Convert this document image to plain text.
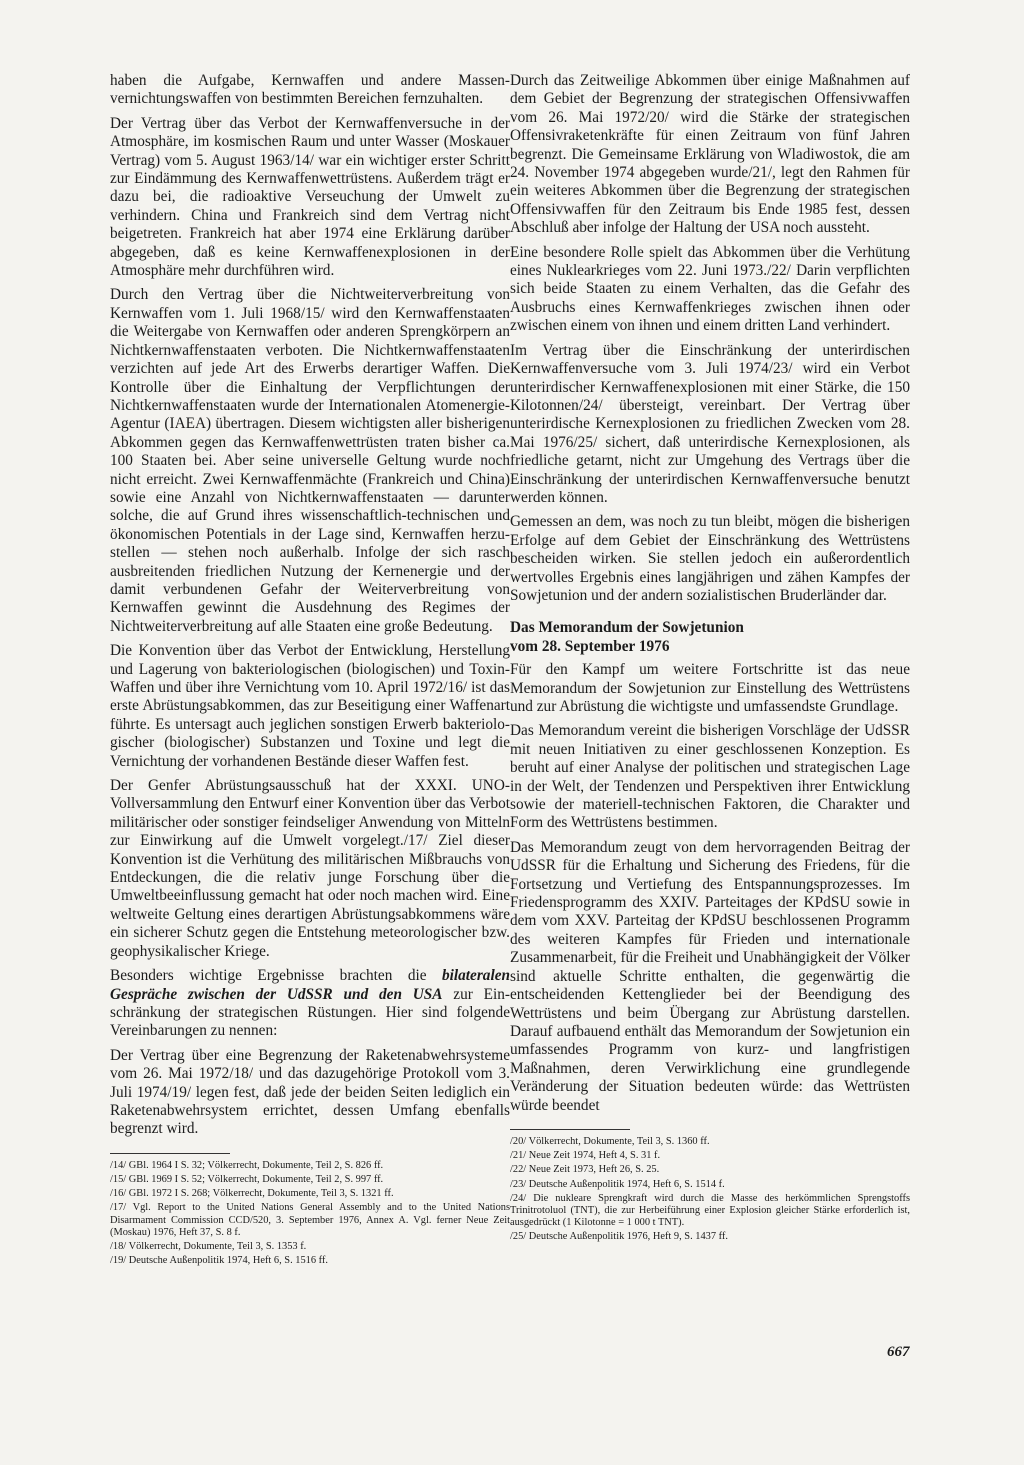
haben die Aufgabe, Kernwaffen und andere Massenvernichtungswaffen von bestimmten Bereichen fernzuhalten.

Der Vertrag über das Verbot der Kernwaffenversuche in der Atmosphäre, im kosmischen Raum und unter Wasser (Moskauer Vertrag) vom 5. August 1963/14/ war ein wichtiger erster Schritt zur Eindämmung des Kernwaffenwettrüstens. Außerdem trägt er dazu bei, die radioaktive Verseuchung der Umwelt zu verhindern. China und Frankreich sind dem Vertrag nicht beigetreten. Frankreich hat aber 1974 eine Erklärung darüber abgegeben, daß es keine Kernwaffenexplosionen in der Atmosphäre mehr durchführen wird.

Durch den Vertrag über die Nichtweiterverbreitung von Kernwaffen vom 1. Juli 1968/15/ wird den Kernwaffenstaaten die Weitergabe von Kernwaffen oder anderen Sprengkörpern an Nichtkernwaffenstaaten verboten. Die Nichtkernwaffenstaaten verzichten auf jede Art des Erwerbs derartiger Waffen. Die Kontrolle über die Einhaltung der Verpflichtungen der Nichtkernwaffenstaaten wurde der Internationalen Atomenergie-Agentur (IAEA) übertragen. Diesem wichtigsten aller bisherigen Abkommen gegen das Kernwaffenwettrüsten traten bisher ca. 100 Staaten bei. Aber seine universelle Geltung wurde noch nicht erreicht. Zwei Kernwaffenmächte (Frankreich und China) sowie eine Anzahl von Nichtkernwaffenstaaten — darunter solche, die auf Grund ihres wissenschaftlich-technischen und ökonomischen Potentials in der Lage sind, Kernwaffen herzustellen — stehen noch außerhalb. Infolge der sich rasch ausbreitenden friedlichen Nutzung der Kernenergie und der damit verbundenen Gefahr der Weiterverbreitung von Kernwaffen gewinnt die Ausdehnung des Regimes der Nichtweiterverbreitung auf alle Staaten eine große Bedeutung.

Die Konvention über das Verbot der Entwicklung, Herstellung und Lagerung von bakteriologischen (biologischen) und Toxin-Waffen und über ihre Vernichtung vom 10. April 1972/16/ ist das erste Abrüstungsabkommen, das zur Beseitigung einer Waffenart führte. Es untersagt auch jeglichen sonstigen Erwerb bakteriologischer (biologischer) Substanzen und Toxine und legt die Vernichtung der vorhandenen Bestände dieser Waffen fest.

Der Genfer Abrüstungsausschuß hat der XXXI. UNO-Vollversammlung den Entwurf einer Konvention über das Verbot militärischer oder sonstiger feindseliger Anwendung von Mitteln zur Einwirkung auf die Umwelt vorgelegt./17/ Ziel dieser Konvention ist die Verhütung des militärischen Mißbrauchs von Entdeckungen, die die relativ junge Forschung über die Umweltbeeinflussung gemacht hat oder noch machen wird. Eine weltweite Geltung eines derartigen Abrüstungsabkommens wäre ein sicherer Schutz gegen die Entstehung meteorologischer bzw. geophysikalischer Kriege.

Besonders wichtige Ergebnisse brachten die bilateralen Gespräche zwischen der UdSSR und den USA zur Einschränkung der strategischen Rüstungen. Hier sind folgende Vereinbarungen zu nennen:

Der Vertrag über eine Begrenzung der Raketenabwehrsysteme vom 26. Mai 1972/18/ und das dazugehörige Protokoll vom 3. Juli 1974/19/ legen fest, daß jede der beiden Seiten lediglich ein Raketenabwehrsystem errichtet, dessen Umfang ebenfalls begrenzt wird.

/14/ GBl. 1964 I S. 32; Völkerrecht, Dokumente, Teil 2, S. 826 ff.

/15/ GBl. 1969 I S. 52; Völkerrecht, Dokumente, Teil 2, S. 997 ff.

/16/ GBl. 1972 I S. 268; Völkerrecht, Dokumente, Teil 3, S. 1321 ff.

/17/ Vgl. Report to the United Nations General Assembly and to the United Nations Disarmament Commission CCD/520, 3. September 1976, Annex A. Vgl. ferner Neue Zeit (Moskau) 1976, Heft 37, S. 8 f.

/18/ Völkerrecht, Dokumente, Teil 3, S. 1353 f.

/19/ Deutsche Außenpolitik 1974, Heft 6, S. 1516 ff.

Durch das Zeitweilige Abkommen über einige Maßnahmen auf dem Gebiet der Begrenzung der strategischen Offensivwaffen vom 26. Mai 1972/20/ wird die Stärke der strategischen Offensivraketenkräfte für einen Zeitraum von fünf Jahren begrenzt. Die Gemeinsame Erklärung von Wladiwostok, die am 24. November 1974 abgegeben wurde/21/, legt den Rahmen für ein weiteres Abkommen über die Begrenzung der strategischen Offensivwaffen für den Zeitraum bis Ende 1985 fest, dessen Abschluß aber infolge der Haltung der USA noch aussteht.

Eine besondere Rolle spielt das Abkommen über die Verhütung eines Nuklearkrieges vom 22. Juni 1973./22/ Darin verpflichten sich beide Staaten zu einem Verhalten, das die Gefahr des Ausbruchs eines Kernwaffenkrieges zwischen ihnen oder zwischen einem von ihnen und einem dritten Land verhindert.

Im Vertrag über die Einschränkung der unterirdischen Kernwaffenversuche vom 3. Juli 1974/23/ wird ein Verbot unterirdischer Kernwaffenexplosionen mit einer Stärke, die 150 Kilotonnen/24/ übersteigt, vereinbart. Der Vertrag über unterirdische Kernexplosionen zu friedlichen Zwecken vom 28. Mai 1976/25/ sichert, daß unterirdische Kernexplosionen, als friedliche getarnt, nicht zur Umgehung des Vertrags über die Einschränkung der unterirdischen Kernwaffenversuche benutzt werden können.

Gemessen an dem, was noch zu tun bleibt, mögen die bisherigen Erfolge auf dem Gebiet der Einschränkung des Wettrüstens bescheiden wirken. Sie stellen jedoch ein außerordentlich wertvolles Ergebnis eines langjährigen und zähen Kampfes der Sowjetunion und der andern sozialistischen Bruderländer dar.

Das Memorandum der Sowjetunion
vom 28. September 1976

Für den Kampf um weitere Fortschritte ist das neue Memorandum der Sowjetunion zur Einstellung des Wettrüstens und zur Abrüstung die wichtigste und umfassendste Grundlage.

Das Memorandum vereint die bisherigen Vorschläge der UdSSR mit neuen Initiativen zu einer geschlossenen Konzeption. Es beruht auf einer Analyse der politischen und strategischen Lage in der Welt, der Tendenzen und Perspektiven ihrer Entwicklung sowie der materiell-technischen Faktoren, die Charakter und Form des Wettrüstens bestimmen.

Das Memorandum zeugt von dem hervorragenden Beitrag der UdSSR für die Erhaltung und Sicherung des Friedens, für die Fortsetzung und Vertiefung des Entspannungsprozesses. Im Friedensprogramm des XXIV. Parteitages der KPdSU sowie in dem vom XXV. Parteitag der KPdSU beschlossenen Programm des weiteren Kampfes für Frieden und internationale Zusammenarbeit, für die Freiheit und Unabhängigkeit der Völker sind aktuelle Schritte enthalten, die gegenwärtig die entscheidenden Kettenglieder bei der Beendigung des Wettrüstens und beim Übergang zur Abrüstung darstellen. Darauf aufbauend enthält das Memorandum der Sowjetunion ein umfassendes Programm von kurz- und langfristigen Maßnahmen, deren Verwirklichung eine grundlegende Veränderung der Situation bedeuten würde: das Wettrüsten würde beendet

/20/ Völkerrecht, Dokumente, Teil 3, S. 1360 ff.

/21/ Neue Zeit 1974, Heft 4, S. 31 f.

/22/ Neue Zeit 1973, Heft 26, S. 25.

/23/ Deutsche Außenpolitik 1974, Heft 6, S. 1514 f.

/24/ Die nukleare Sprengkraft wird durch die Masse des herkömmlichen Sprengstoffs Trinitrotoluol (TNT), die zur Herbeiführung einer Explosion gleicher Stärke erforderlich ist, ausgedrückt (1 Kilotonne = 1 000 t TNT).

/25/ Deutsche Außenpolitik 1976, Heft 9, S. 1437 ff.

667
